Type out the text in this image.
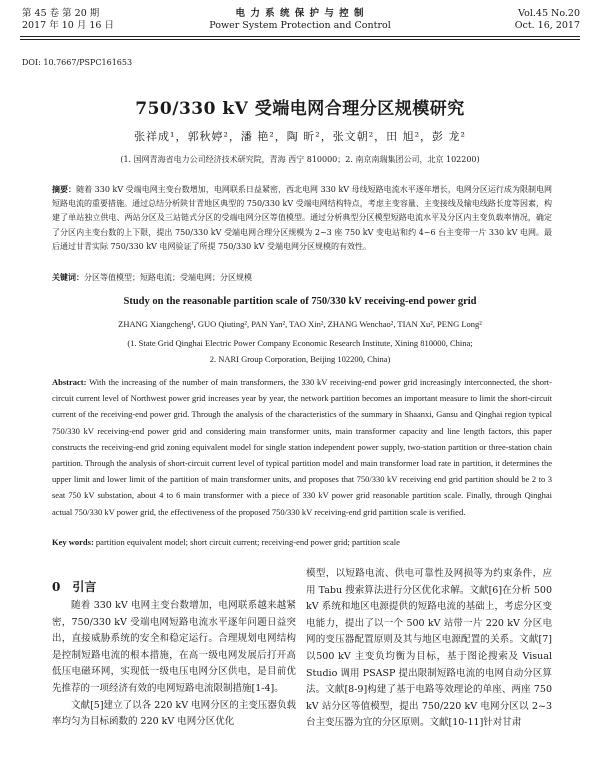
第 45 卷 第 20 期
2017 年 10 月 16 日
电 力 系 统 保 护 与 控 制
Power System Protection and Control
Vol.45 No.20
Oct. 16, 2017
DOI: 10.7667/PSPC161653
750/330 kV 受端电网合理分区规模研究
张祥成¹，郭秋婷²，潘 艳²，陶 昕²，张文朝²，田 旭²，彭 龙²
(1. 国网青海省电力公司经济技术研究院，青海 西宁 810000；2. 南京南瑞集团公司，北京 102200)
摘要：随着 330 kV 受端电网主变台数增加，电网联系日益紧密，西北电网 330 kV 母线短路电流水平逐年增长，电网分区运行成为限制电网短路电流的重要措施。通过总结分析陕甘青地区典型的 750/330 kV 受端电网结构特点，考虑主变容量、主变接线及输电线路长度等因素，构建了单站独立供电、两站分区及三站链式分区的受端电网分区等值模型。通过分析典型分区模型短路电流水平及分区内主变负载率情况，确定了分区内主变台数的上下限，提出 750/330 kV 受端电网合理分区规模为 2~3 座 750 kV 变电站和约 4~6 台主变带一片 330 kV 电网。最后通过甘青实际 750/330 kV 电网验证了所提 750/330 kV 受端电网分区规模的有效性。
关键词：分区等值模型；短路电流；受端电网；分区规模
Study on the reasonable partition scale of 750/330 kV receiving-end power grid
ZHANG Xiangcheng¹, GUO Qiuting², PAN Yan², TAO Xin², ZHANG Wenchao², TIAN Xu², PENG Long²
(1. State Grid Qinghai Electric Power Company Economic Research Institute, Xining 810000, China;
2. NARI Group Corporation, Beijing 102200, China)
Abstract: With the increasing of the number of main transformers, the 330 kV receiving-end power grid increasingly interconnected, the short-circuit current level of Northwest power grid increases year by year, the network partition becomes an important measure to limit the short-circuit current of the receiving-end power grid. Through the analysis of the characteristics of the summary in Shaanxi, Gansu and Qinghai region typical 750/330 kV receiving-end power grid and considering main transformer units, main transformer capacity and line length factors, this paper constructs the receiving-end grid zoning equivalent model for single station independent power supply, two-station partition or three-station chain partition. Through the analysis of short-circuit current level of typical partition model and main transformer load rate in partition, it determines the upper limit and lower limit of the partition of main transformer units, and proposes that 750/330 kV receiving end grid partition should be 2 to 3 seat 750 kV substation, about 4 to 6 main transformer with a piece of 330 kV power grid reasonable partition scale. Finally, through Qinghai actual 750/330 kV power grid, the effectiveness of the proposed 750/330 kV receiving-end grid partition scale is verified.
Key words: partition equivalent model; short circuit current; receiving-end power grid; partition scale
0　引言

随着 330 kV 电网主变台数增加，电网联系越来越紧密，750/330 kV 受端电网短路电流水平逐年问题日益突出，直接威胁系统的安全和稳定运行。合理规划电网结构是控制短路电流的根本措施，在高一级电网发展后打开高低压电磁环网，实现低一级电压电网分区供电，是目前优先推荐的一项经济有效的电网短路电流限制措施[1-4]。

文献[5]建立了以各 220 kV 电网分区的主变压器负载率均匀为目标函数的 220 kV 电网分区优化

模型，以短路电流、供电可靠性及网损等为约束条件，应用 Tabu 搜索算法进行分区优化求解。文献[6]在分析 500 kV 系统和地区电源提供的短路电流的基础上，考虑分区变电能力，提出了以一个 500 kV 站带一片 220 kV 分区电网的变压器配置原则及其与地区电源配置的关系。文献[7]以500 kV 主变负均衡为目标，基于图论搜索及 Visual Studio 调用 PSASP 提出限制短路电流的电网自动分区算法。文献[8-9]构建了基于电路等效理论的单座、两座 750 kV 站分区等值模型，提出 750/220 kV 电网分区以 2~3 台主变压器为宜的分区原则。文献[10-11]针对甘肃
